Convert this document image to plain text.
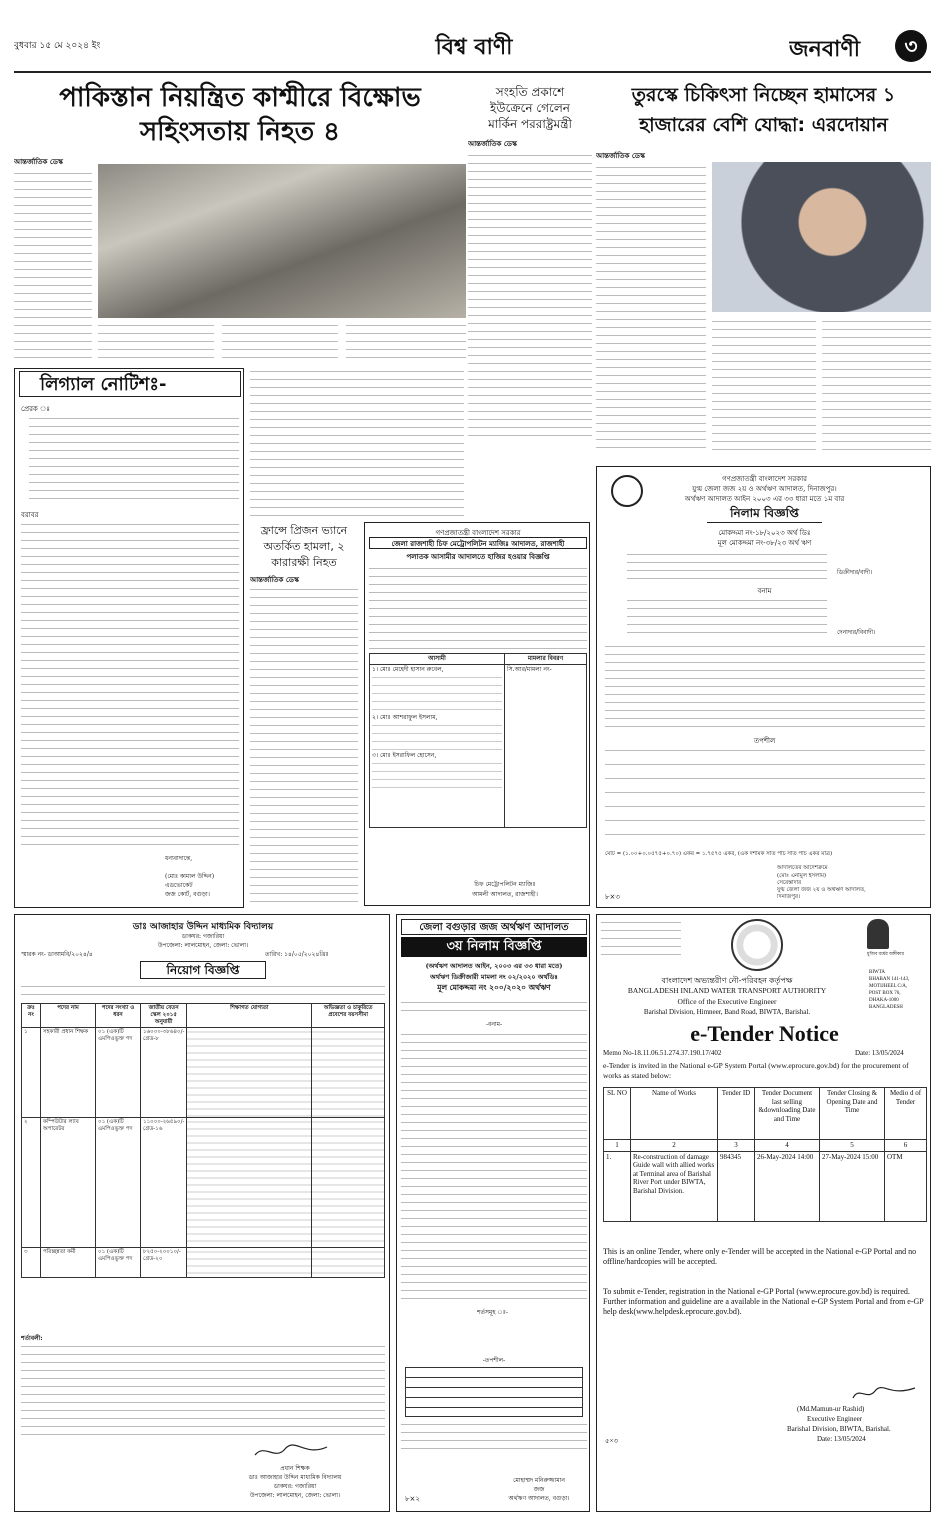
বুধবার ১৫ মে ২০২৪ ইং	বিশ্ব বাণী	জনবাণী	৩
পাকিস্তান নিয়ন্ত্রিত কাশ্মীরে বিক্ষোভ
সহিংসতায় নিহত ৪
আন্তর্জাতিক ডেস্ক
সংহতি প্রকাশে
ইউক্রেনে গেলেন
মার্কিন পররাষ্ট্রমন্ত্রী
আন্তর্জাতিক ডেস্ক
তুরস্কে চিকিৎসা নিচ্ছেন হামাসের ১
হাজারের বেশি যোদ্ধা: এরদোয়ান
আন্তর্জাতিক ডেস্ক
লিগ্যাল নোটিশঃ-
প্রেরক ঃ
বরাবর
ধন্যবাদান্তে,
(মোঃ কামাল উদ্দিন)
এডভোকেট
জজ কোর্ট, বগুড়া।
ফ্রান্সে প্রিজন ভ্যানে
অতর্কিত হামলা, ২
কারারক্ষী নিহত
আন্তর্জাতিক ডেস্ক
গণপ্রজাতন্ত্রী বাংলাদেশ সরকার
জেলা রাজশাহী চিফ মেট্রোপলিটন ম্যাজিঃ আদালত, রাজশাহী
পলাতক আসামীর আদালতে হাজির হওয়ার বিজ্ঞপ্তি
আসামী	মামলার বিবরণ

১। মোঃ মেহেদী হাসান রুবেল,
২। মোঃ আশরাফুল ইসলাম,
৩। মোঃ ইসরাফিল হোসেন,	সি.আর/মামলা নং-
চিফ মেট্রোপলিটন ম্যাজিঃ
আমলী আদালত, রাজশাহী।
গণপ্রজাতন্ত্রী বাংলাদেশ সরকার
যুগ্ম জেলা জজ ২য় ও অর্থঋণ আদালত, দিনাজপুর।
অর্থঋণ আদালত আইন ২০০৩ এর ৩৩ ধারা মতে ১ম বার
নিলাম বিজ্ঞপ্তি
মোকদ্দমা নং-১৮/২০২৩ অর্থ ডিঃ
মূল মোকদ্দমা নং-৩৮/২৩ অর্থ ঋণ
ডিক্রীদার/বাদী।
বনাম
দেনাদার/বিবাদী।
তপশীল
মোট = (১.০০+০.০৫৭৫+০.৭০) একর = ১.৭৫৭৫ একর, (এক দশমিক সাত পাঁচ সাত পাঁচ একর মাত্র)
৮×৩
আদালতের আদেশক্রমে
(মোঃ এনামুল ইসলাম)
সেরেস্তাদার
যুগ্ম জেলা জজ ২য় ও অর্থঋণ আদালত,
দিনাজপুর।
ডাঃ আজাহার উদ্দিন মাধ্যমিক বিদ্যালয়
ডাকঘর: গজারিয়া
উপজেলা: লালমোহন, জেলা: ভোলা।
স্মারক নং- ডাআমবি/২০২৪/৪	তারিখ: ১৪/০৫/২০২৪খ্রিঃ
নিয়োগ বিজ্ঞপ্তি
ক্রঃ নং	পদের নাম	পদের সংখ্যা ও ধরন	জাতীয় বেতন স্কেল ২০১৫ অনুযায়ী	শিক্ষাগত যোগ্যতা	অভিজ্ঞতা ও চাকুরিতে প্রবেশের বয়সসীমা
১	সহকারী প্রধান শিক্ষক	০১ (এক)টি এমপিওভুক্ত পদ	১৬০০০-৩৮৬৪০/- গ্রেড-৮		
২	কম্পিউটার ল্যাব অপারেটর	০১ (এক)টি এমপিওভুক্ত পদ	১১০০০-২৬৫৯০/- গ্রেড-১৬		
৩	পরিচ্ছন্নতা কর্মী	০১ (এক)টি এমপিওভুক্ত পদ	৮২৫০-২০০১০/- গ্রেড-২০		
শর্তাবলী:
প্রধান শিক্ষক
ডাঃ আজাহার উদ্দিন মাধ্যমিক বিদ্যালয়
ডাকঘর: গজারিয়া
উপজেলা: লালমোহন, জেলা: ভোলা।
জেলা বগুড়ার জজ অর্থঋণ আদালত
৩য় নিলাম বিজ্ঞপ্তি
(অর্থঋণ আদালত আইন, ২০০৩ এর ৩৩ ধারা মতে)
অর্থঋণ ডিক্রীজারী মামলা নং ০২/২০২০ অর্থডিঃ
মূল মোকদ্দমা নং ২০০/২০২০ অর্থঋণ
-বনাম-
শর্তসমূহ ঃ-
-তপশীল-
মোহাম্মদ মনিরুজ্জামান
জজ
অর্থঋণ আদালত, বগুড়া।
৮×২
মুজিব বর্ষের অঙ্গীকার
বাংলাদেশ অভ্যন্তরীণ নৌ-পরিবহন কর্তৃপক্ষ
BANGLADESH INLAND WATER TRANSPORT AUTHORITY
Office of the Executive Engineer
Barishal Division, Himneer, Band Road, BIWTA, Barishal.
BIWTA
BHABAN 141-143,
MOTIJHEEL C/A,
POST BOX 76,
DHAKA-1000
BANGLADESH
e-Tender Notice
Memo No-18.11.06.51.274.37.190.17/402	Date: 13/05/2024
e-Tender is invited in the National e-GP System Portal (www.eprocure.gov.bd) for the procurement of works as stated below:
SL NO	Name of Works	Tender ID	Tender Document last selling &downloading Date and Time	Tender Closing & Opening Date and Time	Medio d of Tender
1	2	3	4	5	6
1.	Re-construction of damage Guide wall with allied works at Terminal area of Barishal River Port under BIWTA, Barishal Division.	984345	26-May-2024 14:00	27-May-2024 15:00	OTM
This is an online Tender, where only e-Tender will be accepted in the National e-GP Portal and no offline/hardcopies will be accepted.
To submit e-Tender, registration in the National e-GP Portal (www.eprocure.gov.bd) is required. Further information and guideline are a available in the National e-GP System Portal and from e-GP help desk(www.helpdesk.eprocure.gov.bd).
(Md.Mamun-ur Rashid)
Executive Engineer
Barishal Division, BIWTA, Barishal.
Date: 13/05/2024
৫×৩
